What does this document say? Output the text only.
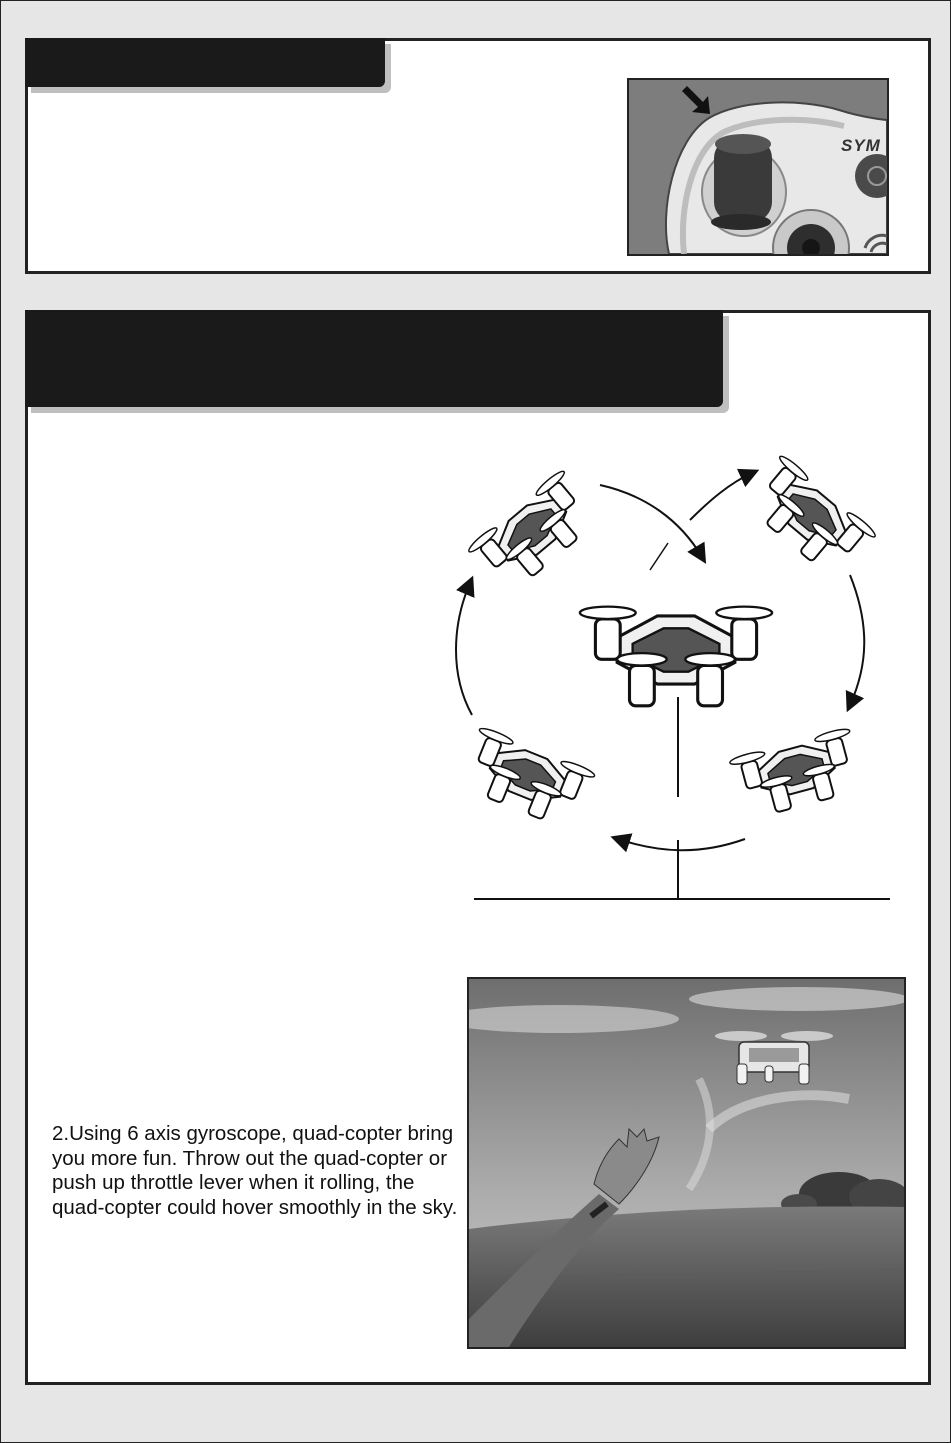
SYM

2.Using 6 axis gyroscope, quad-copter bring you more fun. Throw out the quad-copter or push up throttle lever when it rolling, the quad-copter could hover smoothly in the sky.
